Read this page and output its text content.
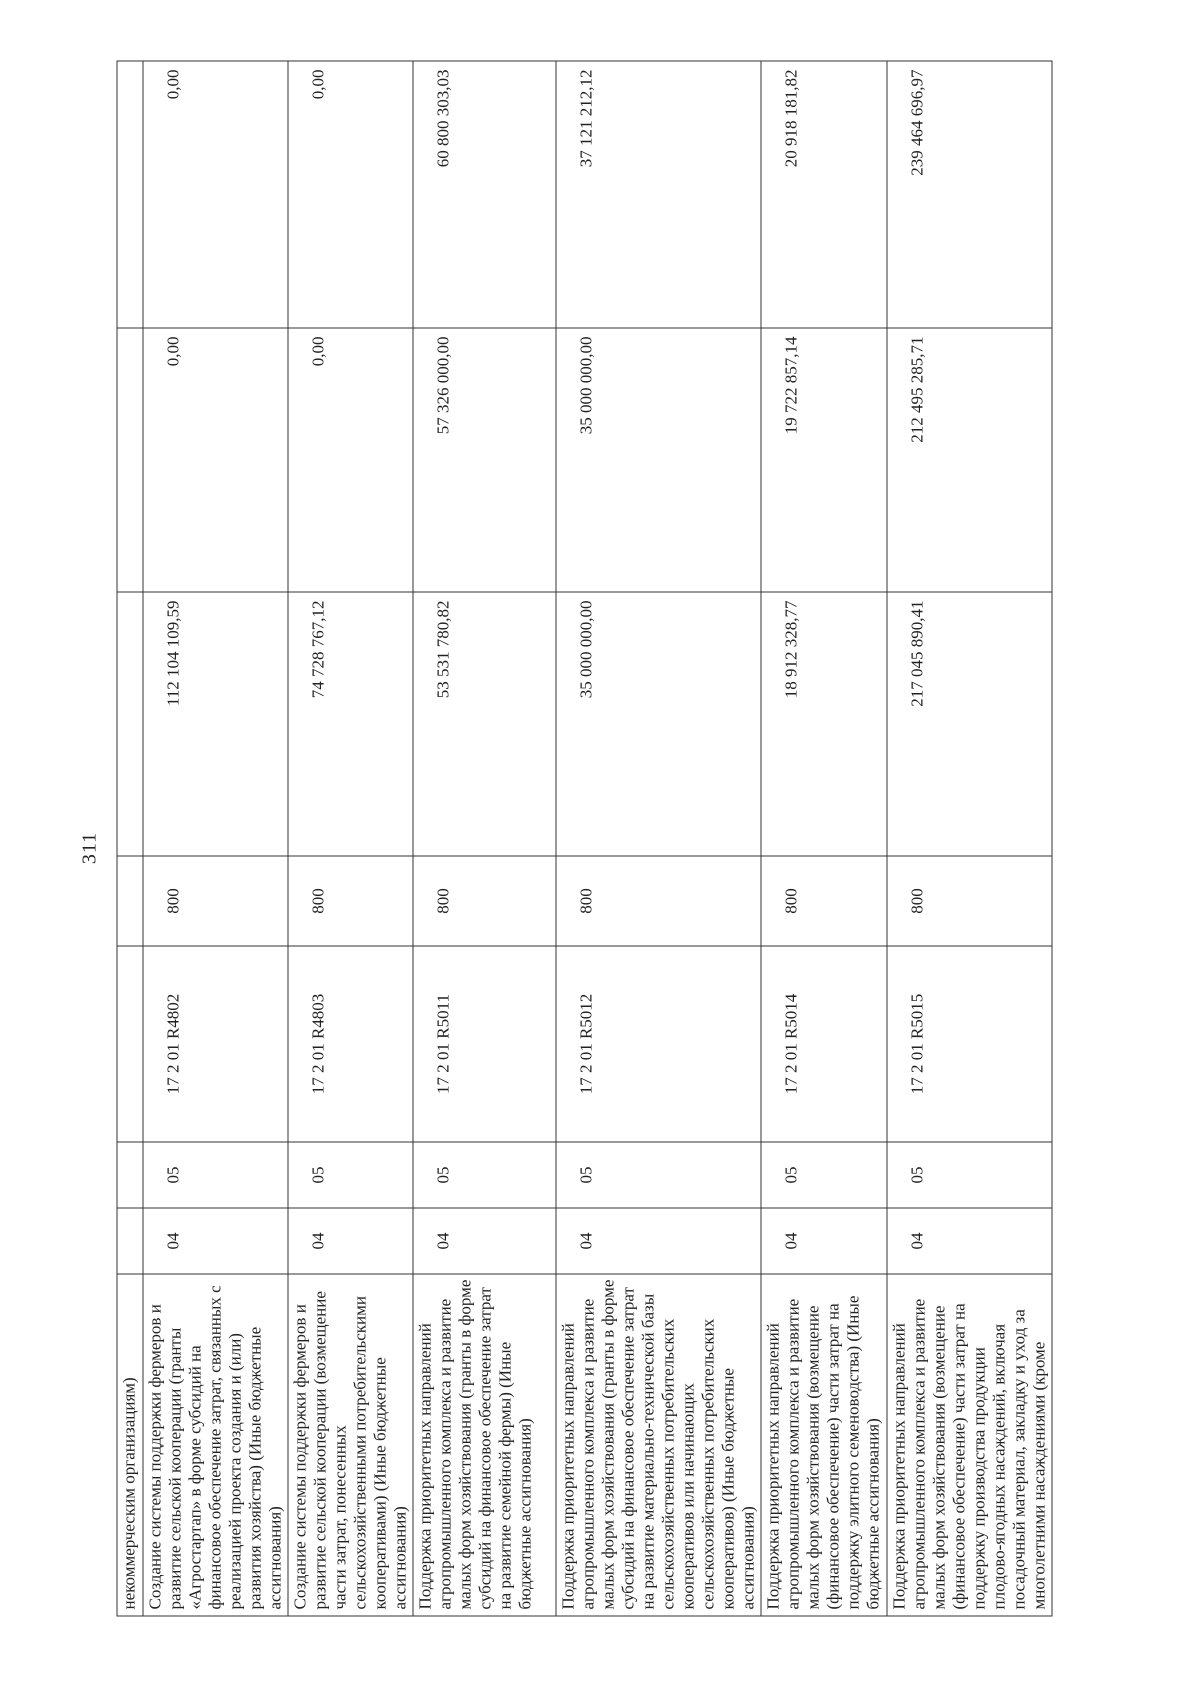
311
некоммерческим организациям)							
Создание системы поддержки фермеров и развитие сельской кооперации (гранты «Агростартап» в форме субсидий на финансовое обеспечение затрат, связанных с реализацией проекта создания и (или) развития хозяйства) (Иные бюджетные ассигнования)	04	05	17 2 01 R4802	800	112 104 109,59	0,00	0,00
Создание системы поддержки фермеров и развитие сельской кооперации (возмещение части затрат, понесенных сельскохозяйственными потребительскими кооперативами) (Иные бюджетные ассигнования)	04	05	17 2 01 R4803	800	74 728 767,12	0,00	0,00
Поддержка приоритетных направлений агропромышленного комплекса и развитие малых форм хозяйствования (гранты в форме субсидий на финансовое обеспечение затрат на развитие семейной фермы) (Иные бюджетные ассигнования)	04	05	17 2 01 R5011	800	53 531 780,82	57 326 000,00	60 800 303,03
Поддержка приоритетных направлений агропромышленного комплекса и развитие малых форм хозяйствования (гранты в форме субсидий на финансовое обеспечение затрат на развитие материально-технической базы сельскохозяйственных потребительских кооперативов или начинающих сельскохозяйственных потребительских кооперативов) (Иные бюджетные ассигнования)	04	05	17 2 01 R5012	800	35 000 000,00	35 000 000,00	37 121 212,12
Поддержка приоритетных направлений агропромышленного комплекса и развитие малых форм хозяйствования (возмещение (финансовое обеспечение) части затрат на поддержку элитного семеноводства) (Иные бюджетные ассигнования)	04	05	17 2 01 R5014	800	18 912 328,77	19 722 857,14	20 918 181,82
Поддержка приоритетных направлений агропромышленного комплекса и развитие малых форм хозяйствования (возмещение (финансовое обеспечение) части затрат на поддержку производства продукции плодово-ягодных насаждений, включая посадочный материал, закладку и уход за многолетними насаждениями (кроме	04	05	17 2 01 R5015	800	217 045 890,41	212 495 285,71	239 464 696,97
